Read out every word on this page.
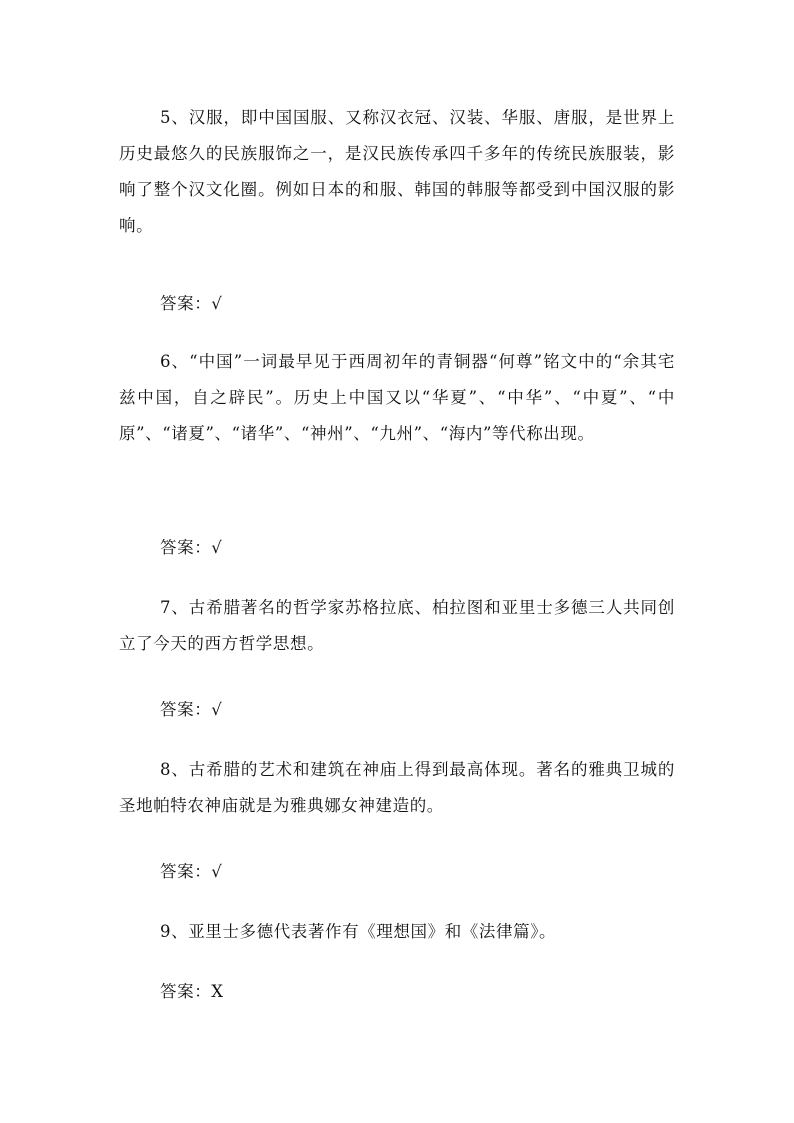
5、汉服，即中国国服、又称汉衣冠、汉装、华服、唐服，是世界上历史最悠久的民族服饰之一，是汉民族传承四千多年的传统民族服装，影响了整个汉文化圈。例如日本的和服、韩国的韩服等都受到中国汉服的影响。
答案：√
6、“中国”一词最早见于西周初年的青铜器“何尊”铭文中的“余其宅兹中国，自之辟民”。历史上中国又以“华夏”、“中华”、“中夏”、“中原”、“诸夏”、“诸华”、“神州”、“九州”、“海内”等代称出现。
答案：√
7、古希腊著名的哲学家苏格拉底、柏拉图和亚里士多德三人共同创立了今天的西方哲学思想。
答案：√
8、古希腊的艺术和建筑在神庙上得到最高体现。著名的雅典卫城的圣地帕特农神庙就是为雅典娜女神建造的。
答案：√
9、亚里士多德代表著作有《理想国》和《法律篇》。
答案：X
